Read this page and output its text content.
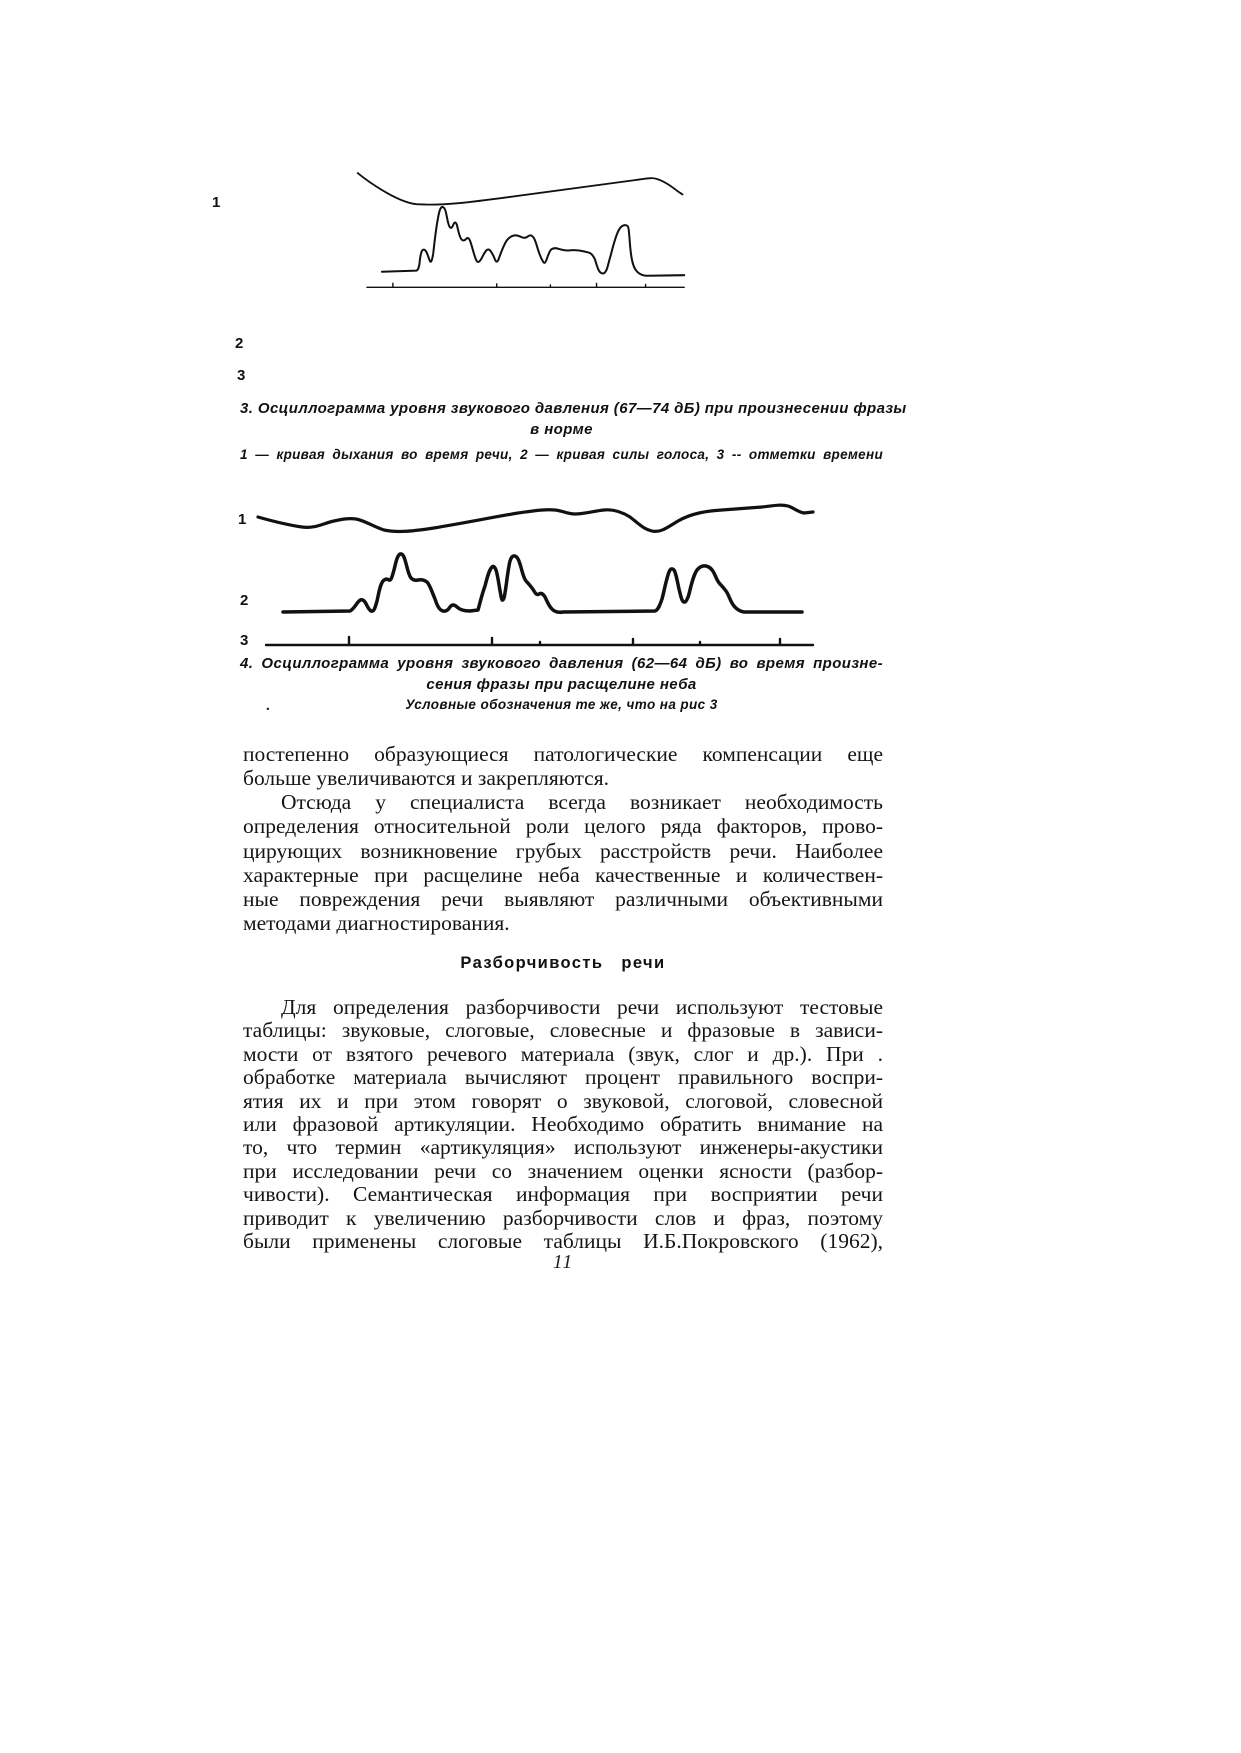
1
2
3
3. Осциллограмма уровня звукового давления (67—74 дБ) при произнесении фразы
в норме
1 — кривая дыхания во время речи, 2 — кривая силы голоса, 3 -- отметки времени
1
2
3
4. Осциллограмма уровня звукового давления (62—64 дБ) во время произне-
сения фразы при расщелине неба
.	Условные обозначения те же, что на рис 3
постепенно образующиеся патологические компенсации еще
больше увеличиваются и закрепляются.
Отсюда у специалиста всегда возникает необходимость
определения относительной роли целого ряда факторов, прово-
цирующих возникновение грубых расстройств речи. Наиболее
характерные при расщелине неба качественные и количествен-
ные повреждения речи выявляют различными объективными
методами диагностирования.
Разборчивость речи
Для определения разборчивости речи используют тестовые
таблицы: звуковые, слоговые, словесные и фразовые в зависи-
мости от взятого речевого материала (звук, слог и др.). При .
обработке материала вычисляют процент правильного воспри-
ятия их и при этом говорят о звуковой, слоговой, словесной
или фразовой артикуляции. Необходимо обратить внимание на
то, что термин «артикуляция» используют инженеры-акустики
при исследовании речи со значением оценки ясности (разбор-
чивости). Семантическая информация при восприятии речи
приводит к увеличению разборчивости слов и фраз, поэтому
были применены слоговые таблицы И.Б.Покровского (1962),
11
